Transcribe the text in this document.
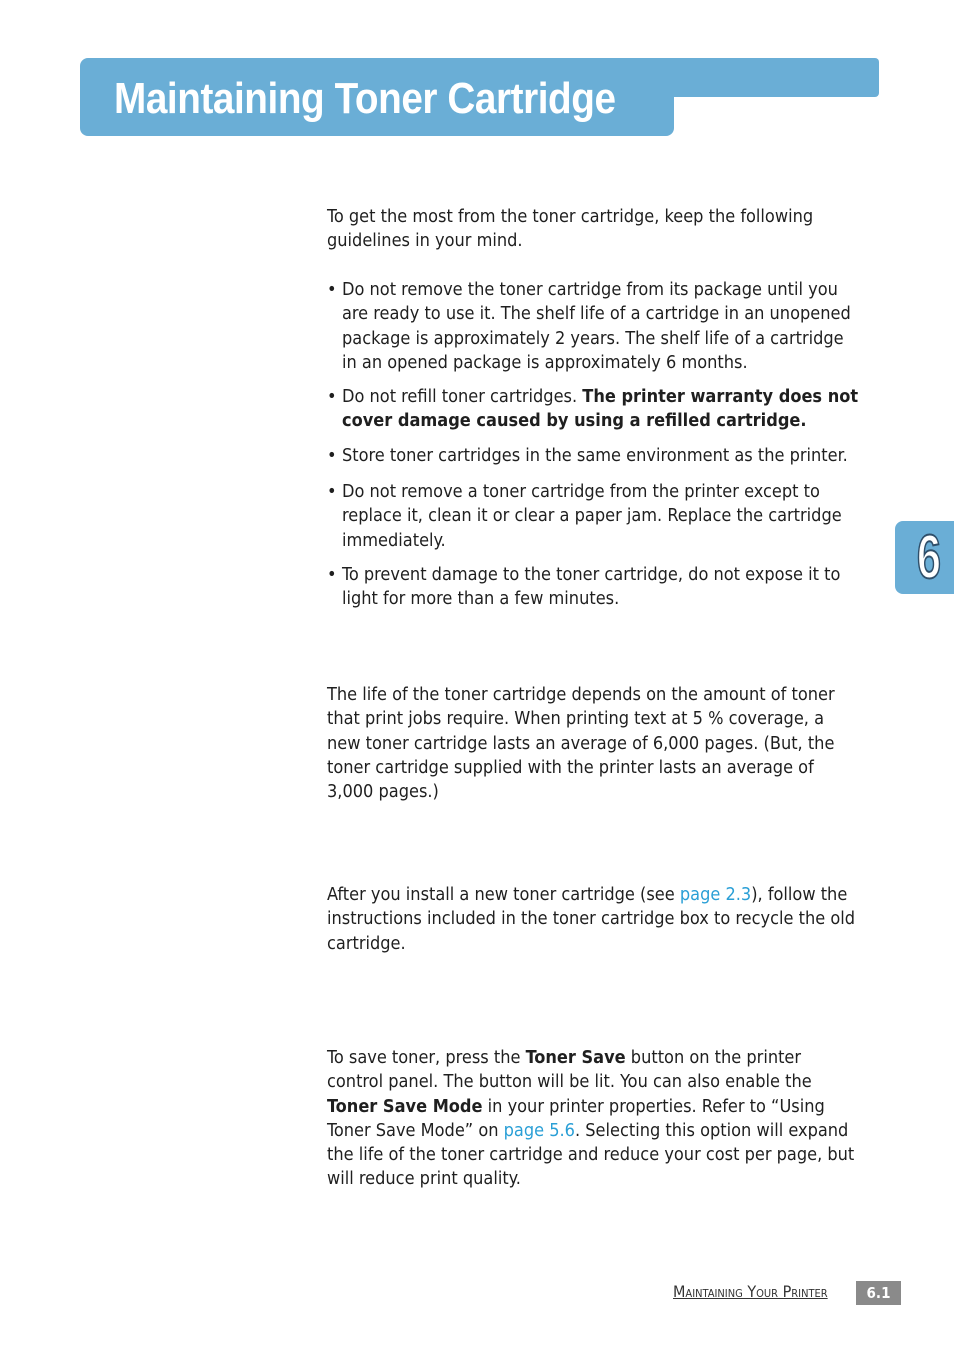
Maintaining Toner Cartridge
6

To get the most from the toner cartridge, keep the following
guidelines in your mind.

• Do not remove the toner cartridge from its package until you
are ready to use it. The shelf life of a cartridge in an unopened
package is approximately 2 years. The shelf life of a cartridge
in an opened package is approximately 6 months.
• Do not refill toner cartridges. The printer warranty does not
cover damage caused by using a refilled cartridge.
• Store toner cartridges in the same environment as the printer.
• Do not remove a toner cartridge from the printer except to
replace it, clean it or clear a paper jam. Replace the cartridge
immediately.
• To prevent damage to the toner cartridge, do not expose it to
light for more than a few minutes.

The life of the toner cartridge depends on the amount of toner
that print jobs require. When printing text at 5 % coverage, a
new toner cartridge lasts an average of 6,000 pages. (But, the
toner cartridge supplied with the printer lasts an average of
3,000 pages.)

After you install a new toner cartridge (see page 2.3), follow the
instructions included in the toner cartridge box to recycle the old
cartridge.

To save toner, press the Toner Save button on the printer
control panel. The button will be lit. You can also enable the
Toner Save Mode in your printer properties. Refer to “Using
Toner Save Mode” on page 5.6. Selecting this option will expand
the life of the toner cartridge and reduce your cost per page, but
will reduce print quality.

Maintaining Your Printer	6.1
